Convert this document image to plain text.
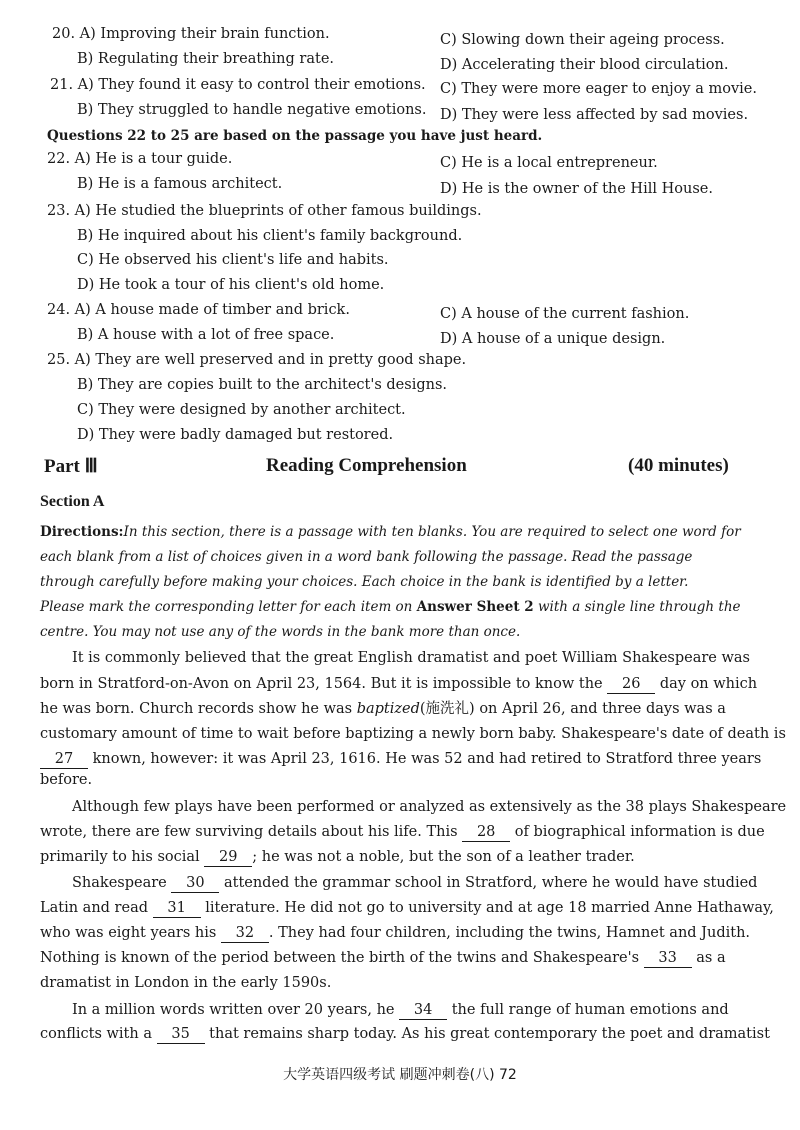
20. A) Improving their brain function.	C) Slowing down their ageing process.
B) Regulating their breathing rate.	D) Accelerating their blood circulation.
21. A) They found it easy to control their emotions. C) They were more eager to enjoy a movie.
B) They struggled to handle negative emotions. D) They were less affected by sad movies.
Questions 22 to 25 are based on the passage you have just heard.
22. A) He is a tour guide.	C) He is a local entrepreneur.
B) He is a famous architect.	D) He is the owner of the Hill House.
23. A) He studied the blueprints of other famous buildings.
B) He inquired about his client's family background.
C) He observed his client's life and habits.
D) He took a tour of his client's old home.
24. A) A house made of timber and brick.	C) A house of the current fashion.
B) A house with a lot of free space.	D) A house of a unique design.
25. A) They are well preserved and in pretty good shape.
B) They are copies built to the architect's designs.
C) They were designed by another architect.
D) They were badly damaged but restored.
Part Ⅲ	Reading Comprehension	(40 minutes)
Section A
Directions:In this section, there is a passage with ten blanks. You are required to select one word for
each blank from a list of choices given in a word bank following the passage. Read the passage
through carefully before making your choices. Each choice in the bank is identified by a letter.
Please mark the corresponding letter for each item on Answer Sheet 2 with a single line through the
centre. You may not use any of the words in the bank more than once.
It is commonly believed that the great English dramatist and poet William Shakespeare was
born in Stratford-on-Avon on April 23, 1564. But it is impossible to know the 26 day on which
he was born. Church records show he was baptized(施洗礼) on April 26, and three days was a
customary amount of time to wait before baptizing a newly born baby. Shakespeare's date of death is
27 known, however: it was April 23, 1616. He was 52 and had retired to Stratford three years
before.
Although few plays have been performed or analyzed as extensively as the 38 plays Shakespeare
wrote, there are few surviving details about his life. This 28 of biographical information is due
primarily to his social 29 ; he was not a noble, but the son of a leather trader.
Shakespeare 30 attended the grammar school in Stratford, where he would have studied
Latin and read 31 literature. He did not go to university and at age 18 married Anne Hathaway,
who was eight years his 32 . They had four children, including the twins, Hamnet and Judith.
Nothing is known of the period between the birth of the twins and Shakespeare's 33 as a
dramatist in London in the early 1590s.
In a million words written over 20 years, he 34 the full range of human emotions and
conflicts with a 35 that remains sharp today. As his great contemporary the poet and dramatist
大学英语四级考试 刷题冲刺卷(八) 72
